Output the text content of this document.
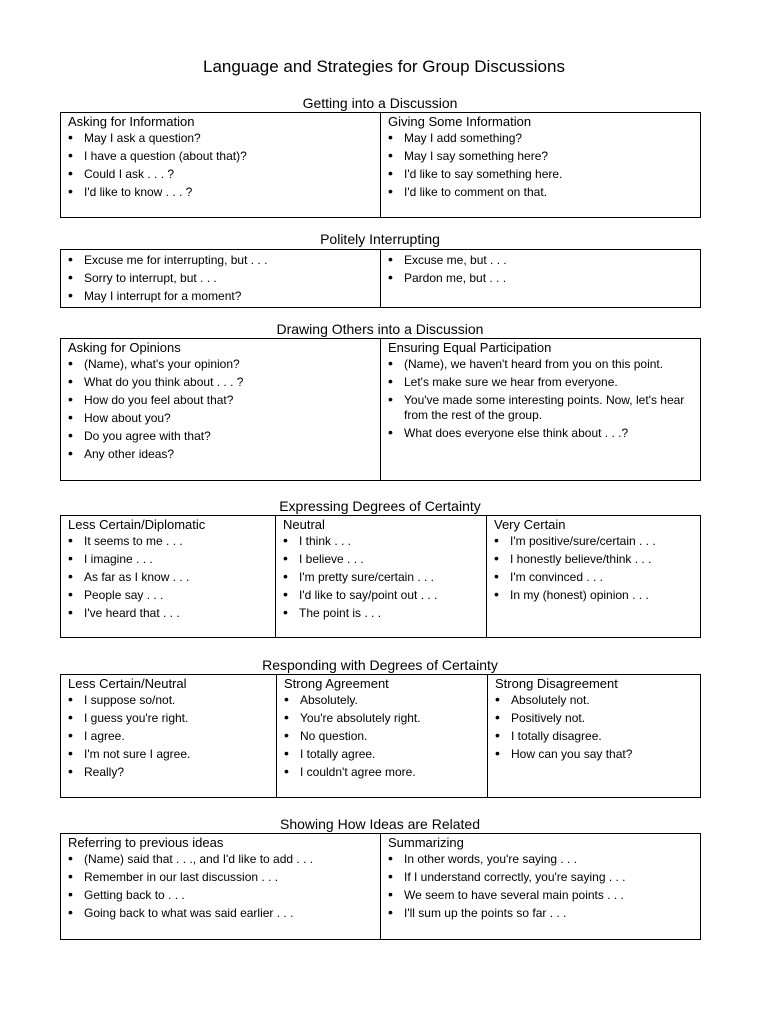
Language and Strategies for Group Discussions
Getting into a Discussion
Asking for Information
• May I ask a question?
• I have a question (about that)?
• Could I ask . . . ?
• I'd like to know . . . ?

Giving Some Information
• May I add something?
• May I say something here?
• I'd like to say something here.
• I'd like to comment on that.
Politely Interrupting
• Excuse me for interrupting, but . . .
• Sorry to interrupt, but . . .
• May I interrupt for a moment?

• Excuse me, but . . .
• Pardon me, but . . .
Drawing Others into a Discussion
Asking for Opinions
• (Name), what's your opinion?
• What do you think about . . . ?
• How do you feel about that?
• How about you?
• Do you agree with that?
• Any other ideas?

Ensuring Equal Participation
• (Name), we haven't heard from you on this point.
• Let's make sure we hear from everyone.
• You've made some interesting points. Now, let's hear from the rest of the group.
• What does everyone else think about . . .?
Expressing Degrees of Certainty
Less Certain/Diplomatic
• It seems to me . . .
• I imagine . . .
• As far as I know . . .
• People say . . .
• I've heard that . . .

Neutral
• I think . . .
• I believe . . .
• I'm pretty sure/certain . . .
• I'd like to say/point out . . .
• The point is . . .

Very Certain
• I'm positive/sure/certain . . .
• I honestly believe/think . . .
• I'm convinced . . .
• In my (honest) opinion . . .
Responding with Degrees of Certainty
Less Certain/Neutral
• I suppose so/not.
• I guess you're right.
• I agree.
• I'm not sure I agree.
• Really?

Strong Agreement
• Absolutely.
• You're absolutely right.
• No question.
• I totally agree.
• I couldn't agree more.

Strong Disagreement
• Absolutely not.
• Positively not.
• I totally disagree.
• How can you say that?
Showing How Ideas are Related
Referring to previous ideas
• (Name) said that . . ., and I'd like to add . . .
• Remember in our last discussion . . .
• Getting back to . . .
• Going back to what was said earlier . . .

Summarizing
• In other words, you're saying . . .
• If I understand correctly, you're saying . . .
• We seem to have several main points . . .
• I'll sum up the points so far . . .
